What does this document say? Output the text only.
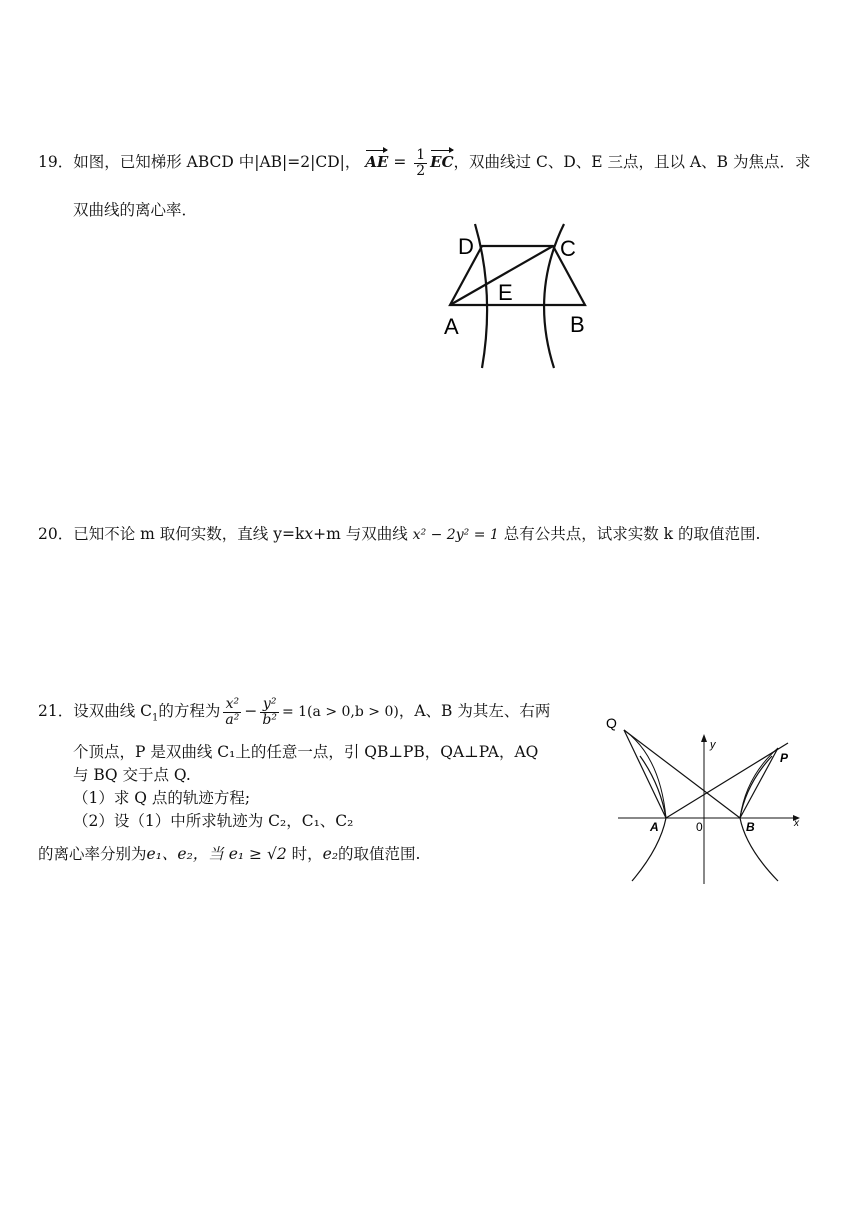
19．如图，已知梯形 ABCD 中|AB|=2|CD|， AE = $\frac{1}{2}$ EC，双曲线过 C、D、E 三点，且以 A、B 为焦点．求
双曲线的离心率．
D	C
E
A	B
20．已知不论 m 取何实数，直线 y=kx+m 与双曲线 x² − 2y² = 1 总有公共点，试求实数 k 的取值范围.
21．设双曲线 $C_1$的方程为 $\frac{\text{x²}}{\text{a²}} - \frac{\text{y²}}{\text{b²}} = 1(a > 0,b > 0)$，A、B 为其左、右两
个顶点，P 是双曲线 C₁上的任意一点，引 QB⊥PB，QA⊥PA，AQ
与 BQ 交于点 Q.
（1）求 Q 点的轨迹方程;
（2）设（1）中所求轨迹为 C₂，C₁、C₂
的离心率分别为e₁、e₂，当 e₁ ≥ √2 时，e₂的取值范围.
Q
y
P
A	0	B	x
